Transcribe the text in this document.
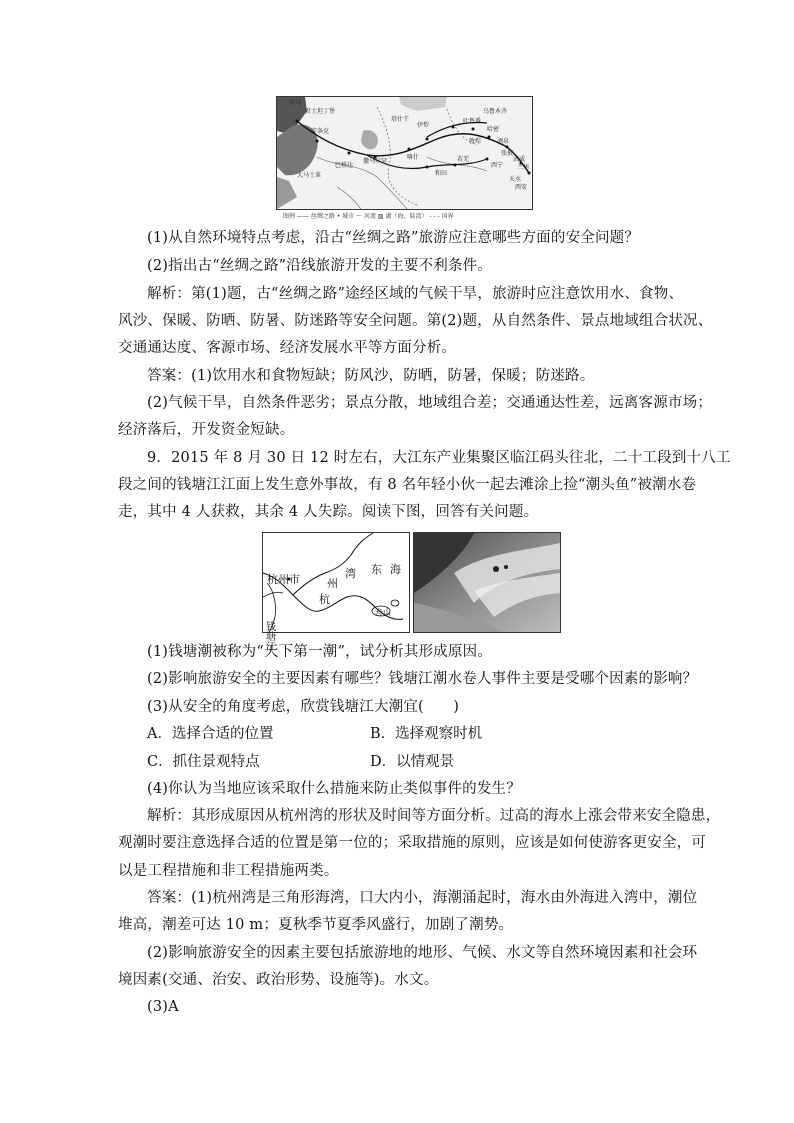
罗马
君士坦丁堡
安条克
大马士革
巴格达
撒马尔罕
塔什干
伊犁
乌鲁木齐
吐鲁番
哈密
敦煌	酒泉
张掖
武威
兰州
西宁
天水
西安
喀什
和田
若羌
图例 —— 丝绸之路 • 城市 ～ 河流 ▨ 湖（海、陆湾） - - - 国界
(1)从自然环境特点考虑，沿古“丝绸之路”旅游应注意哪些方面的安全问题？
(2)指出古“丝绸之路”沿线旅游开发的主要不利条件。
解析：第(1)题，古“丝绸之路”途经区域的气候干旱，旅游时应注意饮用水、食物、
风沙、保暖、防晒、防暑、防迷路等安全问题。第(2)题，从自然条件、景点地域组合状况、
交通通达度、客源市场、经济发展水平等方面分析。
答案：(1)饮用水和食物短缺；防风沙，防晒，防暑，保暖；防迷路。
(2)气候干旱，自然条件恶劣；景点分散，地域组合差；交通通达性差，远离客源市场；
经济落后，开发资金短缺。
9．2015 年 8 月 30 日 12 时左右，大江东产业集聚区临江码头往北，二十工段到十八工
段之间的钱塘江江面上发生意外事故，有 8 名年轻小伙一起去滩涂上捡“潮头鱼”被潮水卷
走，其中 4 人获救，其余 4 人失踪。阅读下图，回答有关问题。
杭州市
钱塘江
杭
州
湾 东海
舟山
(1)钱塘潮被称为“天下第一潮”，试分析其形成原因。
(2)影响旅游安全的主要因素有哪些？钱塘江潮水卷人事件主要是受哪个因素的影响？
(3)从安全的角度考虑，欣赏钱塘江大潮宜(　　)
A．选择合适的位置	B．选择观察时机
C．抓住景观特点	D．以情观景
(4)你认为当地应该采取什么措施来防止类似事件的发生？
解析：其形成原因从杭州湾的形状及时间等方面分析。过高的海水上涨会带来安全隐患，
观潮时要注意选择合适的位置是第一位的；采取措施的原则，应该是如何使游客更安全，可
以是工程措施和非工程措施两类。
答案：(1)杭州湾是三角形海湾，口大内小，海潮涌起时，海水由外海进入湾中，潮位
堆高，潮差可达 10 m；夏秋季节夏季风盛行，加剧了潮势。
(2)影响旅游安全的因素主要包括旅游地的地形、气候、水文等自然环境因素和社会环
境因素(交通、治安、政治形势、设施等)。水文。
(3)A
